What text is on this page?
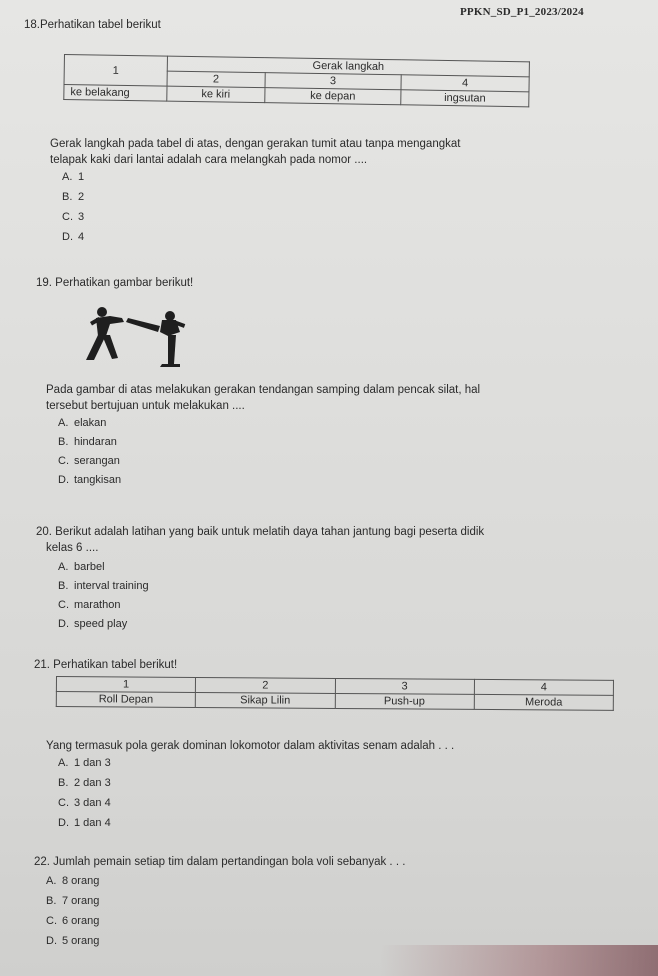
PPKN_SD_P1_2023/2024
18.Perhatikan tabel berikut
1	Gerak langkah		
	2	3	4
ke belakang	ke kiri	ke depan	ingsutan
Gerak langkah pada tabel di atas, dengan gerakan tumit atau tanpa mengangkat
telapak kaki dari lantai adalah cara melangkah pada nomor ....
A. 1
B. 2
C. 3
D. 4
19. Perhatikan gambar berikut!
Pada gambar di atas melakukan gerakan tendangan samping dalam pencak silat, hal
tersebut bertujuan untuk melakukan ....
A. elakan
B. hindaran
C. serangan
D. tangkisan
20. Berikut adalah latihan yang baik untuk melatih daya tahan jantung bagi peserta didik
kelas 6 ....
A. barbel
B. interval training
C. marathon
D. speed play
21. Perhatikan tabel berikut!
1	2	3	4
Roll Depan	Sikap Lilin	Push-up	Meroda
Yang termasuk pola gerak dominan lokomotor dalam aktivitas senam adalah . . .
A. 1 dan 3
B. 2 dan 3
C. 3 dan 4
D. 1 dan 4
22. Jumlah pemain setiap tim dalam pertandingan bola voli sebanyak . . .
A. 8 orang
B. 7 orang
C. 6 orang
D. 5 orang
